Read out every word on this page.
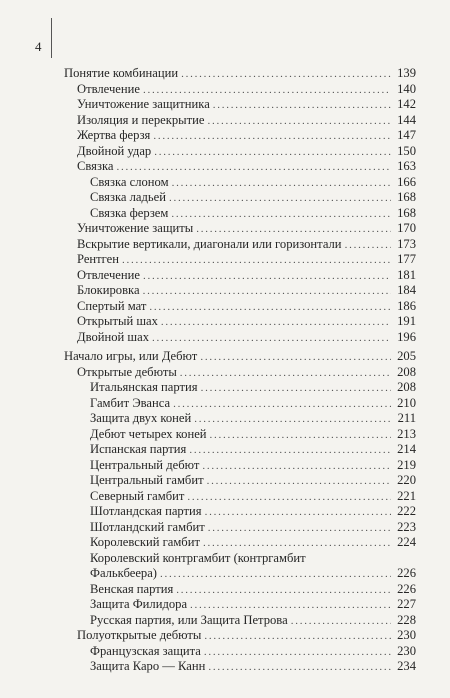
4
Понятие комбинации . . .	139
Отвлечение . . .	140
Уничтожение защитника . . .	142
Изоляция и перекрытие . . .	144
Жертва ферзя . . .	147
Двойной удар . . .	150
Связка . . .	163
Связка слоном . . .	166
Связка ладьей . . .	168
Связка ферзем . . .	168
Уничтожение защиты . . .	170
Вскрытие вертикали, диагонали или горизонтали . . .	173
Рентген . . .	177
Отвлечение . . .	181
Блокировка . . .	184
Спертый мат . . .	186
Открытый шах . . .	191
Двойной шах . . .	196
Начало игры, или Дебют . . .	205
Открытые дебюты . . .	208
Итальянская партия . . .	208
Гамбит Эванса . . .	210
Защита двух коней . . .	211
Дебют четырех коней . . .	213
Испанская партия . . .	214
Центральный дебют . . .	219
Центральный гамбит . . .	220
Северный гамбит . . .	221
Шотландская партия . . .	222
Шотландский гамбит . . .	223
Королевский гамбит . . .	224
Королевский контргамбит (контргамбит
Фалькбеера) . . .	226
Венская партия . . .	226
Защита Филидора . . .	227
Русская партия, или Защита Петрова . . .	228
Полуоткрытые дебюты . . .	230
Французская защита . . .	230
Защита Каро — Канн . . .	234
